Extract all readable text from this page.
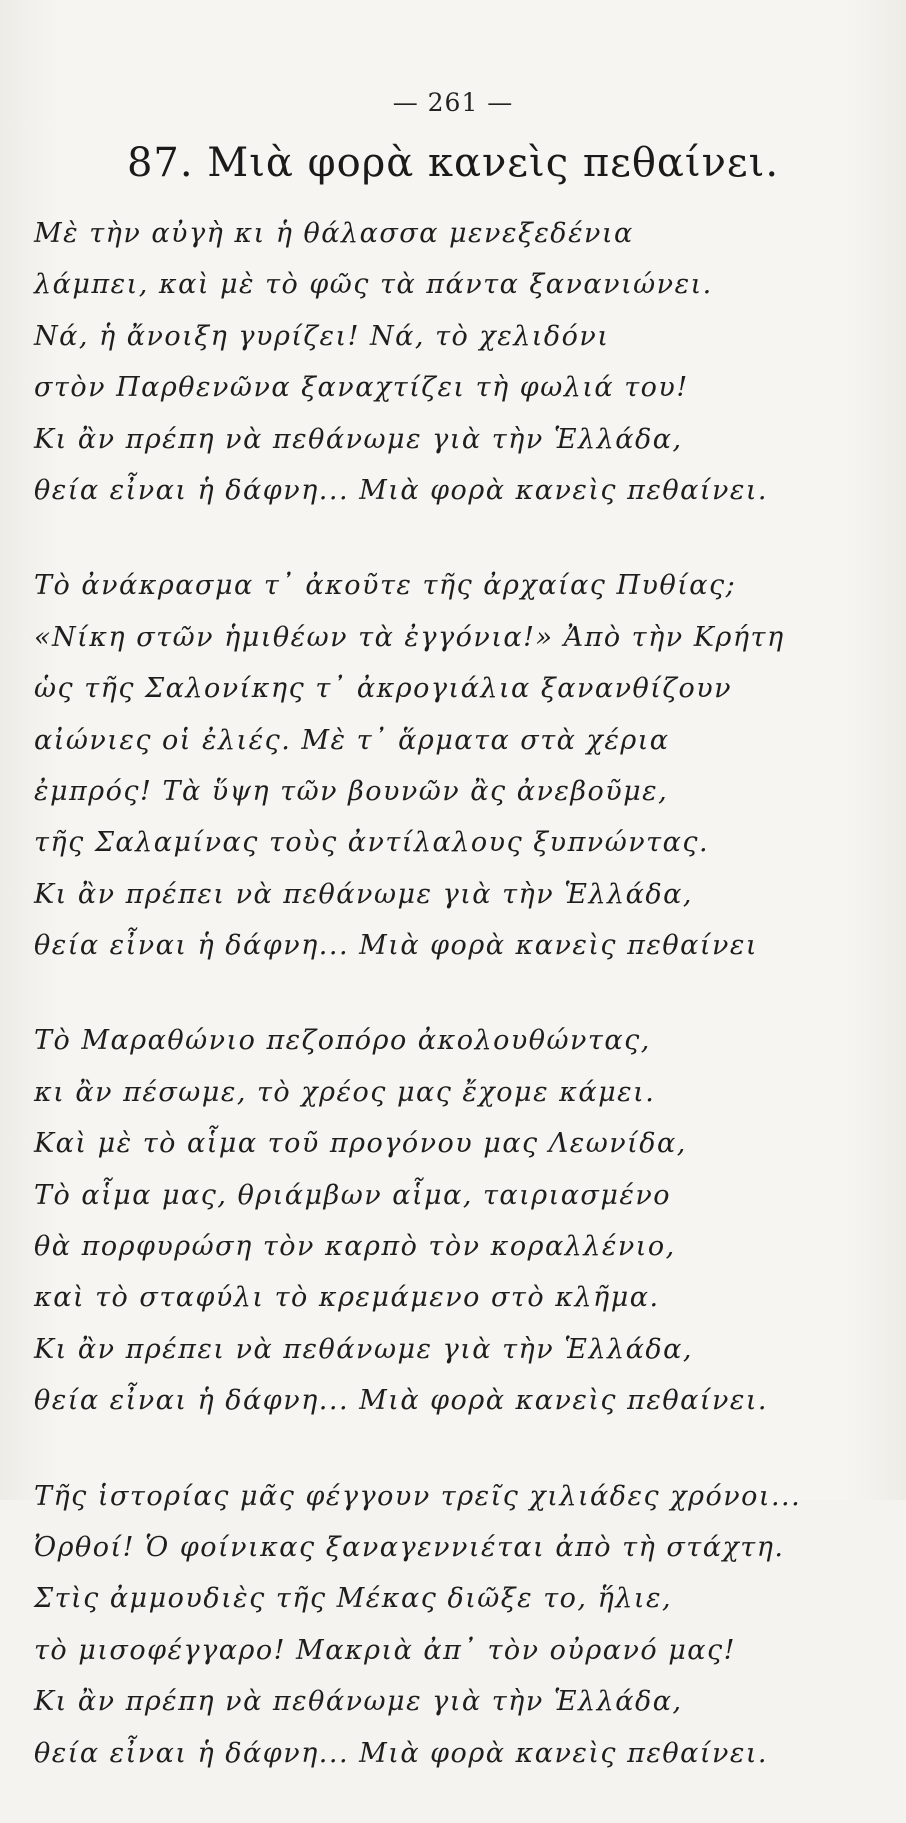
— 261 —
87. Μιὰ φορὰ κανεὶς πεθαίνει.
Μὲ τὴν αὐγὴ κι ἡ θάλασσα μενεξεδένια
λάμπει, καὶ μὲ τὸ φῶς τὰ πάντα ξανανιώνει.
Νά, ἡ ἄνοιξη γυρίζει! Νά, τὸ χελιδόνι
στὸν Παρθενῶνα ξαναχτίζει τὴ φωλιά του!
Κι ἂν πρέπη νὰ πεθάνωμε γιὰ τὴν Ἑλλάδα,
θεία εἶναι ἡ δάφνη... Μιὰ φορὰ κανεὶς πεθαίνει.
Τὸ ἀνάκρασμα τ᾽ ἀκοῦτε τῆς ἀρχαίας Πυθίας;
«Νίκη στῶν ἡμιθέων τὰ ἐγγόνια!» Ἀπὸ τὴν Κρήτη
ὡς τῆς Σαλονίκης τ᾽ ἀκρογιάλια ξανανθίζουν
αἰώνιες οἱ ἐλιές. Μὲ τ᾽ ἅρματα στὰ χέρια
ἐμπρός! Τὰ ὕψη τῶν βουνῶν ἂς ἀνεβοῦμε,
τῆς Σαλαμίνας τοὺς ἀντίλαλους ξυπνώντας.
Κι ἂν πρέπει νὰ πεθάνωμε γιὰ τὴν Ἑλλάδα,
θεία εἶναι ἡ δάφνη... Μιὰ φορὰ κανεὶς πεθαίνει
Τὸ Μαραθώνιο πεζοπόρο ἀκολουθώντας,
κι ἂν πέσωμε, τὸ χρέος μας ἔχομε κάμει.
Καὶ μὲ τὸ αἷμα τοῦ προγόνου μας Λεωνίδα,
Τὸ αἷμα μας, θριάμβων αἷμα, ταιριασμένο
θὰ πορφυρώση τὸν καρπὸ τὸν κοραλλένιο,
καὶ τὸ σταφύλι τὸ κρεμάμενο στὸ κλῆμα.
Κι ἂν πρέπει νὰ πεθάνωμε γιὰ τὴν Ἑλλάδα,
θεία εἶναι ἡ δάφνη... Μιὰ φορὰ κανεὶς πεθαίνει.
Τῆς ἱστορίας μᾶς φέγγουν τρεῖς χιλιάδες χρόνοι...
Ὀρθοί! Ὁ φοίνικας ξαναγεννιέται ἀπὸ τὴ στάχτη.
Στὶς ἀμμουδιὲς τῆς Μέκας διῶξε το, ἥλιε,
τὸ μισοφέγγαρο! Μακριὰ ἀπ᾽ τὸν οὐρανό μας!
Κι ἂν πρέπη νὰ πεθάνωμε γιὰ τὴν Ἑλλάδα,
θεία εἶναι ἡ δάφνη... Μιὰ φορὰ κανεὶς πεθαίνει.
